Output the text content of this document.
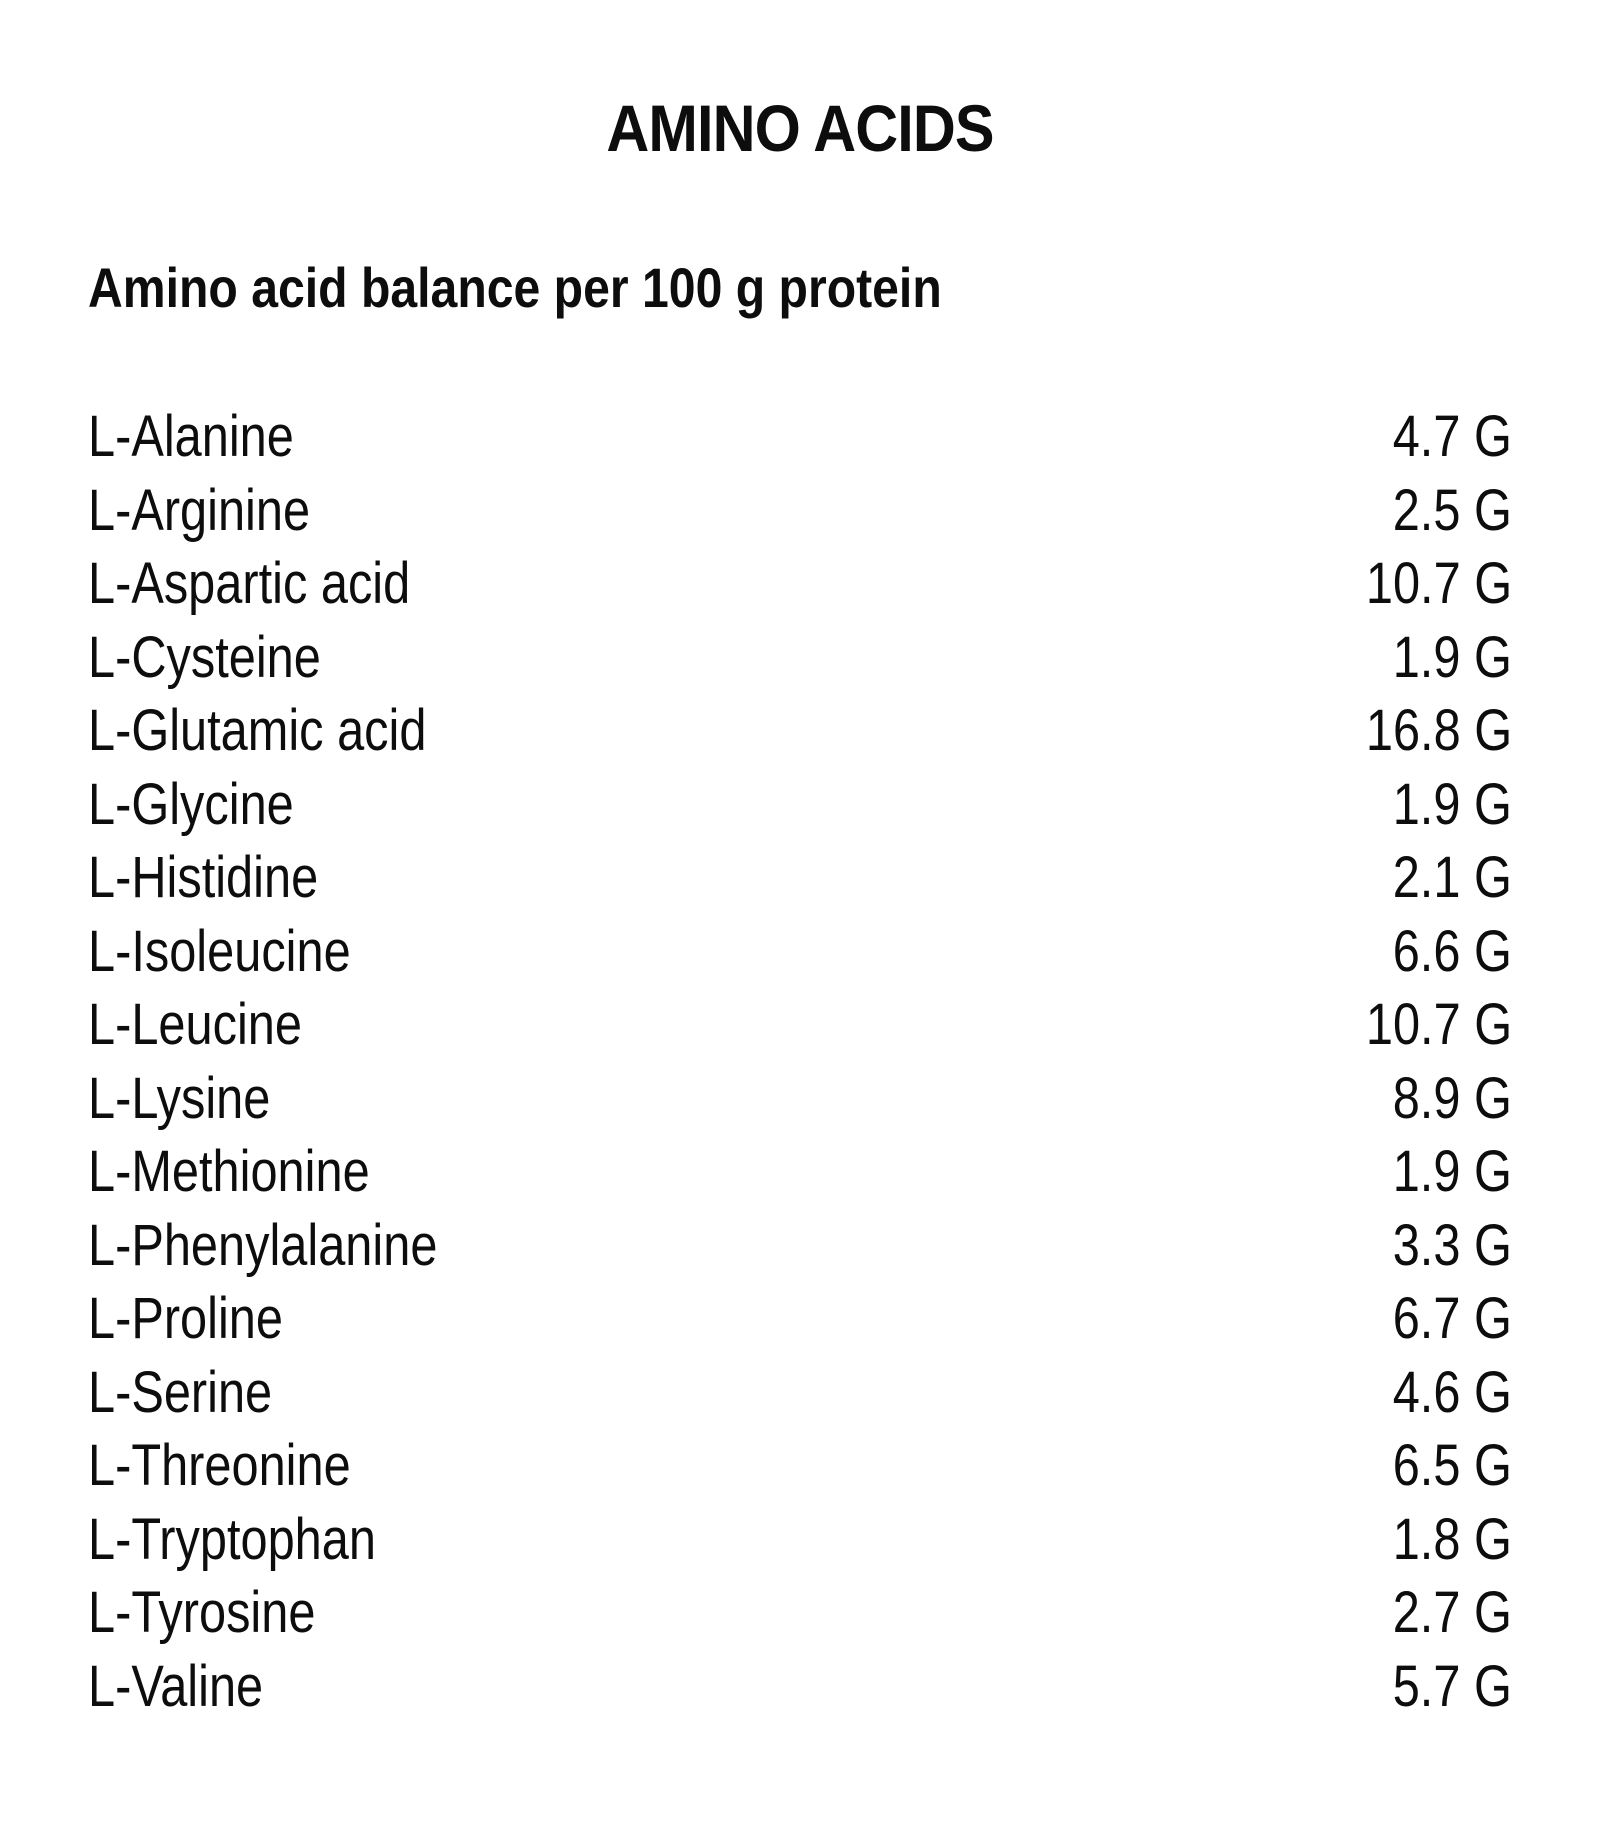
AMINO ACIDS
Amino acid balance per 100 g protein
L-Alanine	4.7 G
L-Arginine	2.5 G
L-Aspartic acid	10.7 G
L-Cysteine	1.9 G
L-Glutamic acid	16.8 G
L-Glycine	1.9 G
L-Histidine	2.1 G
L-Isoleucine	6.6 G
L-Leucine	10.7 G
L-Lysine	8.9 G
L-Methionine	1.9 G
L-Phenylalanine	3.3 G
L-Proline	6.7 G
L-Serine	4.6 G
L-Threonine	6.5 G
L-Tryptophan	1.8 G
L-Tyrosine	2.7 G
L-Valine	5.7 G
